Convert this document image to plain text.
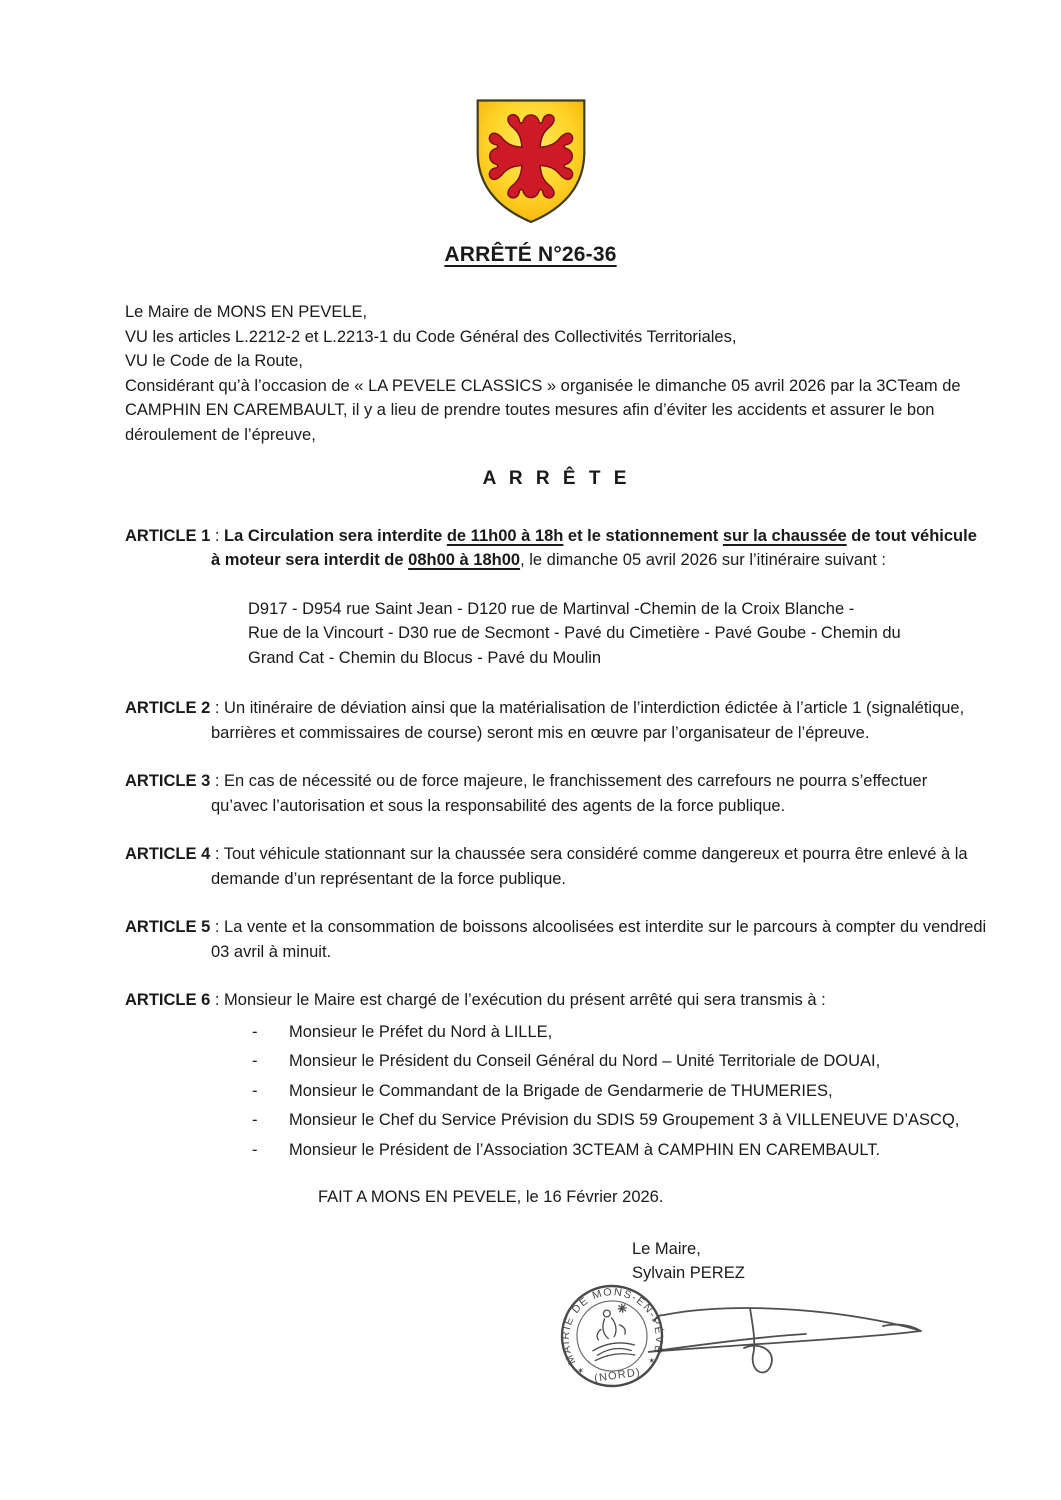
ARRÊTÉ N°26-36
Le Maire de MONS EN PEVELE,
VU les articles L.2212-2 et L.2213-1 du Code Général des Collectivités Territoriales,
VU le Code de la Route,
Considérant qu’à l’occasion de « LA PEVELE CLASSICS » organisée le dimanche 05 avril 2026 par la 3CTeam de CAMPHIN EN CAREMBAULT, il y a lieu de prendre toutes mesures afin d’éviter les accidents et assurer le bon déroulement de l’épreuve,
A R R Ê T E

ARTICLE 1 : La Circulation sera interdite de 11h00 à 18h et le stationnement sur la chaussée de tout véhicule à moteur sera interdit de 08h00 à 18h00, le dimanche 05 avril 2026 sur l’itinéraire suivant :

D917 - D954 rue Saint Jean - D120 rue de Martinval -Chemin de la Croix Blanche -
Rue de la Vincourt - D30 rue de Secmont - Pavé du Cimetière - Pavé Goube - Chemin du
Grand Cat - Chemin du Blocus - Pavé du Moulin

ARTICLE 2 : Un itinéraire de déviation ainsi que la matérialisation de l’interdiction édictée à l’article 1 (signalétique, barrières et commissaires de course) seront mis en œuvre par l’organisateur de l’épreuve.

ARTICLE 3 : En cas de nécessité ou de force majeure, le franchissement des carrefours ne pourra s’effectuer qu’avec l’autorisation et sous la responsabilité des agents de la force publique.

ARTICLE 4 : Tout véhicule stationnant sur la chaussée sera considéré comme dangereux et pourra être enlevé à la demande d’un représentant de la force publique.

ARTICLE 5 : La vente et la consommation de boissons alcoolisées est interdite sur le parcours à compter du vendredi 03 avril à minuit.

ARTICLE 6 : Monsieur le Maire est chargé de l’exécution du présent arrêté qui sera transmis à :

-	Monsieur le Préfet du Nord à LILLE,
-	Monsieur le Président du Conseil Général du Nord – Unité Territoriale de DOUAI,
-	Monsieur le Commandant de la Brigade de Gendarmerie de THUMERIES,
-	Monsieur le Chef du Service Prévision du SDIS 59 Groupement 3 à VILLENEUVE D’ASCQ,
-	Monsieur le Président de l’Association 3CTEAM à CAMPHIN EN CAREMBAULT.
FAIT A MONS EN PEVELE, le 16 Février 2026.
Le Maire,
Sylvain PEREZ
MAIRIE DE MONS-EN-PÉVÈLE
(NORD)
✶
✶
